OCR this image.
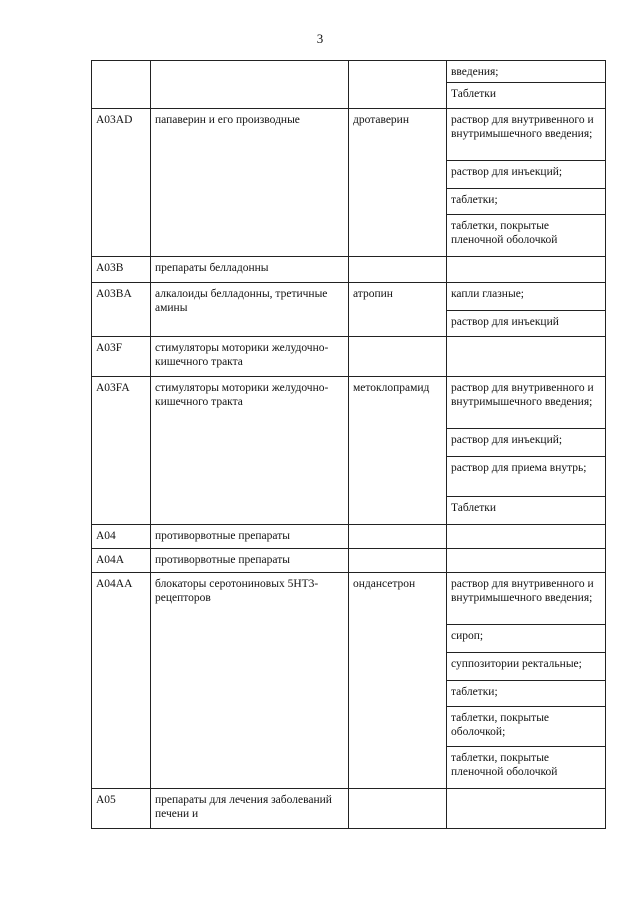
3
			введения;
			Таблетки
A03AD	папаверин и его производные	дротаверин	раствор для внутривенного и внутримышечного введения;
			раствор для инъекций;
			таблетки;
			таблетки, покрытые пленочной оболочкой
A03B	препараты белладонны		
A03BA	алкалоиды белладонны, третичные амины	атропин	капли глазные;
			раствор для инъекций
A03F	стимуляторы моторики желудочно-кишечного тракта		
A03FA	стимуляторы моторики желудочно-кишечного тракта	метоклопрамид	раствор для внутривенного и внутримышечного введения;
			раствор для инъекций;
			раствор для приема внутрь;
			Таблетки
A04	противорвотные препараты		
A04A	противорвотные препараты		
A04AA	блокаторы серотониновых 5НТ3-рецепторов	ондансетрон	раствор для внутривенного и внутримышечного введения;
			сироп;
			суппозитории ректальные;
			таблетки;
			таблетки, покрытые оболочкой;
			таблетки, покрытые пленочной оболочкой
A05	препараты для лечения заболеваний печени и		
